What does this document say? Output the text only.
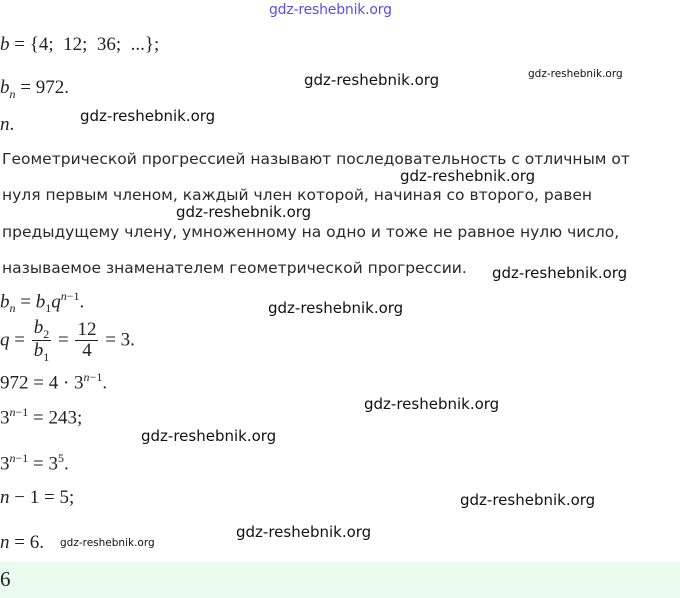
gdz-reshebnik.org
b = {4;  12;  36;  ...};
$b_n = 972$.	gdz-reshebnik.org	gdz-reshebnik.org
n.	gdz-reshebnik.org
Геометрической прогрессией называют последовательность с отличным от
gdz-reshebnik.org
нуля первым членом, каждый член которой, начиная со второго, равен
gdz-reshebnik.org
предыдущему члену, умноженному на одно и тоже не равное нулю число,
называемое знаменателем геометрической прогрессии. gdz-reshebnik.org
$b_n = b_1q^{n-1}$.	gdz-reshebnik.org
$q = \frac{b_2}{b_1} = \frac{12}{4} = 3$.
$972 = 4 \cdot 3^{n-1}$.
gdz-reshebnik.org
$3^{n-1} = 243$;
gdz-reshebnik.org
$3^{n-1} = 3^5$.
n − 1 = 5;	gdz-reshebnik.org
n = 6. gdz-reshebnik.org
gdz-reshebnik.org
6
